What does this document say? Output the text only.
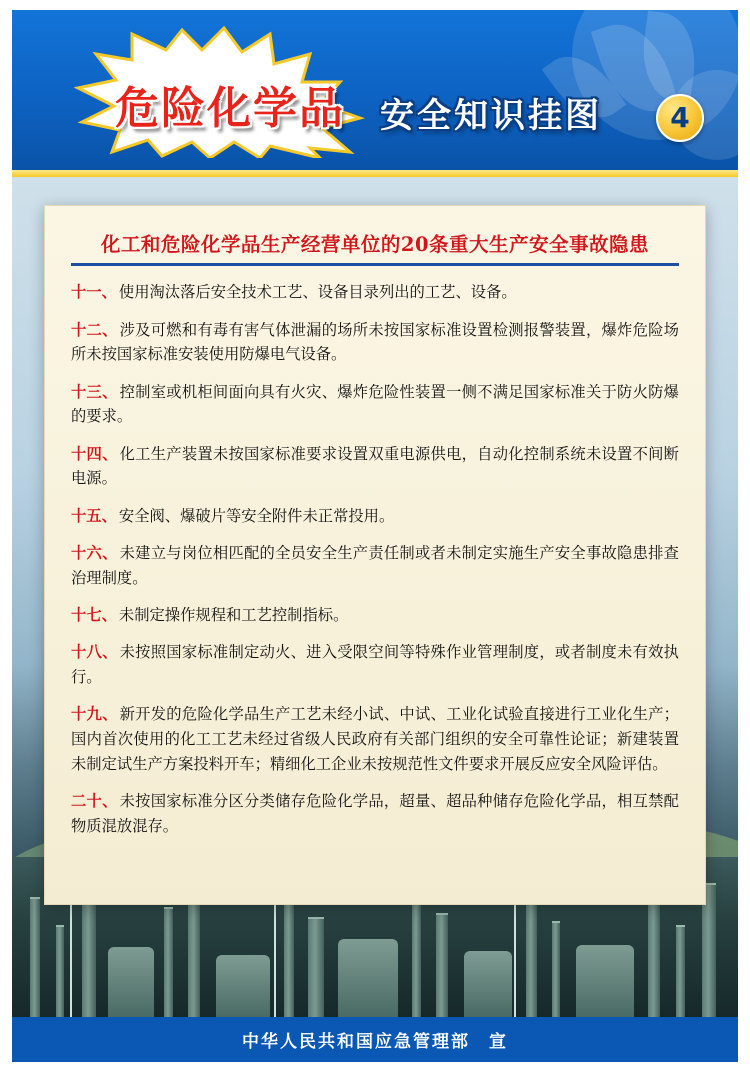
危险化学品	安全知识挂图	4
化工和危险化学品生产经营单位的20条重大生产安全事故隐患

十一、 使用淘汰落后安全技术工艺、设备目录列出的工艺、设备。

十二、 涉及可燃和有毒有害气体泄漏的场所未按国家标准设置检测报警装置，爆炸危险场所未按国家标准安装使用防爆电气设备。

十三、 控制室或机柜间面向具有火灾、爆炸危险性装置一侧不满足国家标准关于防火防爆的要求。

十四、 化工生产装置未按国家标准要求设置双重电源供电，自动化控制系统未设置不间断电源。

十五、 安全阀、爆破片等安全附件未正常投用。

十六、 未建立与岗位相匹配的全员安全生产责任制或者未制定实施生产安全事故隐患排查治理制度。

十七、 未制定操作规程和工艺控制指标。

十八、 未按照国家标准制定动火、进入受限空间等特殊作业管理制度，或者制度未有效执行。

十九、 新开发的危险化学品生产工艺未经小试、中试、工业化试验直接进行工业化生产；国内首次使用的化工工艺未经过省级人民政府有关部门组织的安全可靠性论证；新建装置未制定试生产方案投料开车；精细化工企业未按规范性文件要求开展反应安全风险评估。

二十、 未按国家标准分区分类储存危险化学品，超量、超品种储存危险化学品，相互禁配物质混放混存。

中华人民共和国应急管理部　宣
